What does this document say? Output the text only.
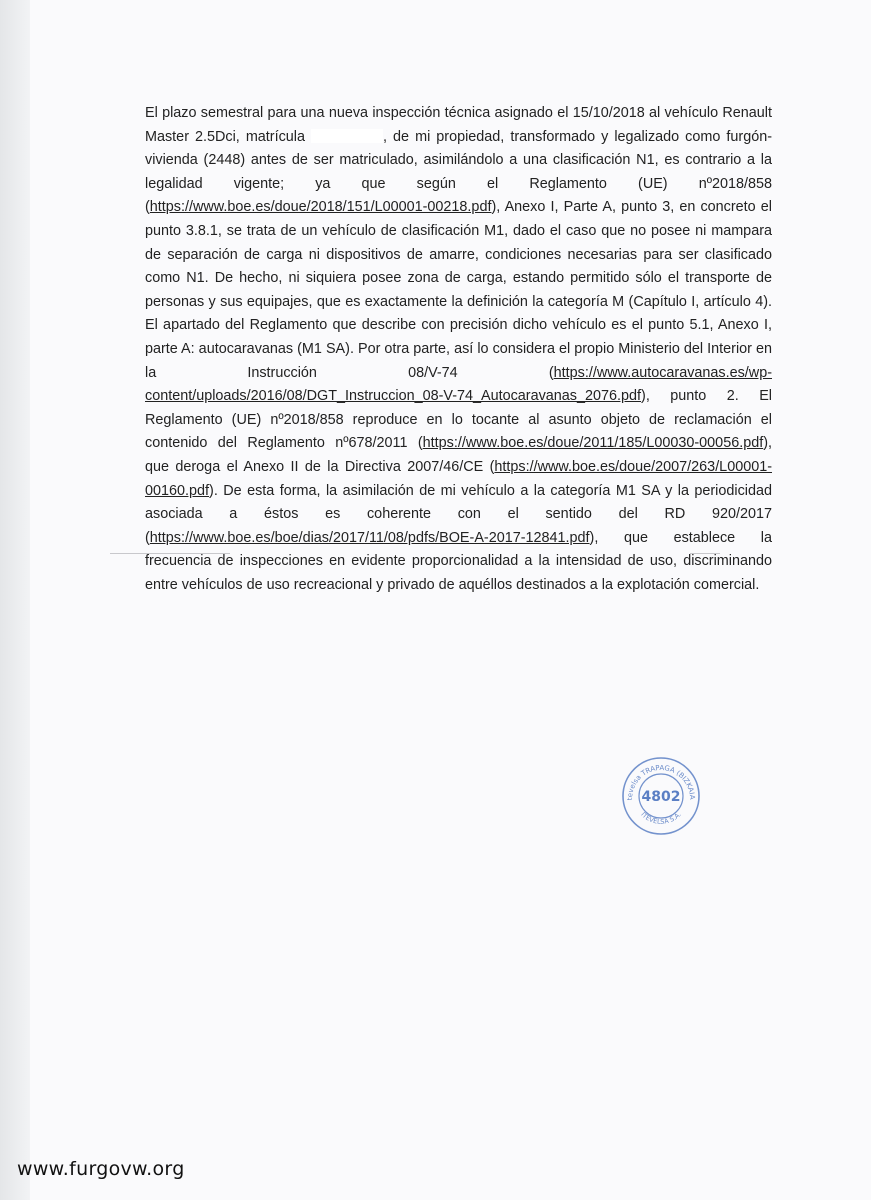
El plazo semestral para una nueva inspección técnica asignado el 15/10/2018 al vehículo Renault Master 2.5Dci, matrícula	, de mi propiedad, transformado y legalizado como furgón-vivienda (2448) antes de ser matriculado, asimilándolo a una clasificación N1, es contrario a la legalidad vigente; ya que según el Reglamento (UE) nº2018/858 (https://www.boe.es/doue/2018/151/L00001-00218.pdf), Anexo I, Parte A, punto 3, en concreto el punto 3.8.1, se trata de un vehículo de clasificación M1, dado el caso que no posee ni mampara de separación de carga ni dispositivos de amarre, condiciones necesarias para ser clasificado como N1. De hecho, ni siquiera posee zona de carga, estando permitido sólo el transporte de personas y sus equipajes, que es exactamente la definición la categoría M (Capítulo I, artículo 4). El apartado del Reglamento que describe con precisión dicho vehículo es el punto 5.1, Anexo I, parte A: autocaravanas (M1 SA). Por otra parte, así lo considera el propio Ministerio del Interior en la Instrucción 08/V-74 (https://www.autocaravanas.es/wp-content/uploads/2016/08/DGT_Instruccion_08-V-74_Autocaravanas_2076.pdf), punto 2. El Reglamento (UE) nº2018/858 reproduce en lo tocante al asunto objeto de reclamación el contenido del Reglamento nº678/2011 (https://www.boe.es/doue/2011/185/L00030-00056.pdf), que deroga el Anexo II de la Directiva 2007/46/CE (https://www.boe.es/doue/2007/263/L00001-00160.pdf). De esta forma, la asimilación de mi vehículo a la categoría M1 SA y la periodicidad asociada a éstos es coherente con el sentido del RD 920/2017 (https://www.boe.es/boe/dias/2017/11/08/pdfs/BOE-A-2017-12841.pdf), que establece la frecuencia de inspecciones en evidente proporcionalidad a la intensidad de uso, discriminando entre vehículos de uso recreacional y privado de aquéllos destinados a la explotación comercial.

tevelsa TRAPAGA (BIZKAIA
ITEVELSA S.A.
4802
www.furgovw.org
